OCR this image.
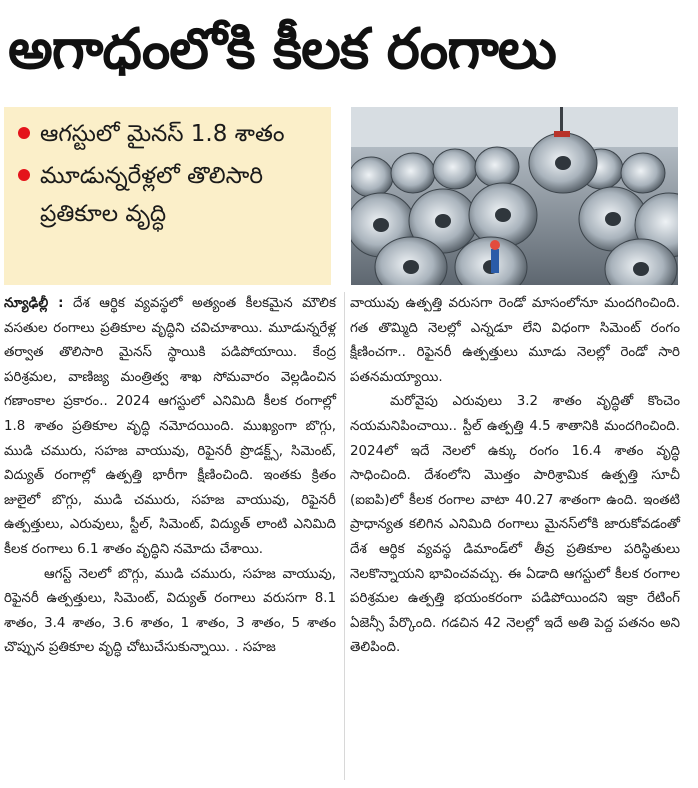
అగాధంలోకి కీలక రంగాలు
ఆగస్టులో మైనస్ 1.8 శాతం
మూడున్నరేళ్లలో తొలిసారి ప్రతికూల వృద్ధి

న్యూఢిల్లీ : దేశ ఆర్థిక వ్యవస్థలో అత్యంత కీలకమైన మౌలిక వసతుల రంగాలు ప్రతికూల వృద్ధిని చవిచూశాయి. మూడున్నరేళ్ల తర్వాత తొలిసారి మైనస్ స్థాయికి పడిపోయాయి. కేంద్ర పరిశ్రమల, వాణిజ్య మంత్రిత్వ శాఖ సోమవారం వెల్లడించిన గణాంకాల ప్రకారం.. 2024 ఆగస్టులో ఎనిమిది కీలక రంగాల్లో 1.8 శాతం ప్రతికూల వృద్ధి నమోదయింది. ముఖ్యంగా బొగ్గు, ముడి చమురు, సహజ వాయువు, రిఫైనరీ ప్రొడక్ట్స్, సిమెంట్, విద్యుత్ రంగాల్లో ఉత్పత్తి భారీగా క్షీణించింది. ఇంతకు క్రితం జులైలో బొగ్గు, ముడి చమురు, సహజ వాయువు, రిఫైనరీ ఉత్పత్తులు, ఎరువులు, స్టీల్, సిమెంట్, విద్యుత్ లాంటి ఎనిమిది కీలక రంగాలు 6.1 శాతం వృద్ధిని నమోదు చేశాయి.

ఆగస్ట్ నెలలో బొగ్గు, ముడి చమురు, సహజ వాయువు, రిఫైనరీ ఉత్పత్తులు, సిమెంట్, విద్యుత్ రంగాలు వరుసగా 8.1 శాతం, 3.4 శాతం, 3.6 శాతం, 1 శాతం, 3 శాతం, 5 శాతం చొప్పున ప్రతికూల వృద్ధి చోటుచేసుకున్నాయి. . సహజ

వాయువు ఉత్పత్తి వరుసగా రెండో మాసంలోనూ మందగించింది. గత తొమ్మిది నెలల్లో ఎన్నడూ లేని విధంగా సిమెంట్ రంగం క్షీణించగా.. రిఫైనరీ ఉత్పత్తులు మూడు నెలల్లో రెండో సారి పతనమయ్యాయి.

మరోవైపు ఎరువులు 3.2 శాతం వృద్ధితో కొంచెం నయమనిపించాయి.. స్టీల్ ఉత్పత్తి 4.5 శాతానికి మందగించింది. 2024లో ఇదే నెలలో ఉక్కు రంగం 16.4 శాతం వృద్ధి సాధించింది. దేశంలోని మొత్తం పారిశ్రామిక ఉత్పత్తి సూచీ (ఐఐపి)లో కీలక రంగాల వాటా 40.27 శాతంగా ఉంది. ఇంతటి ప్రాధాన్యత కలిగిన ఎనిమిది రంగాలు మైనస్‌లోకి జారుకోవడంతో దేశ ఆర్థిక వ్యవస్థ డిమాండ్‌లో తీవ్ర ప్రతికూల పరిస్థితులు నెలకొన్నాయని భావించవచ్చు. ఈ ఏడాది ఆగస్టులో కీలక రంగాల పరిశ్రమల ఉత్పత్తి భయంకరంగా పడిపోయిందని ఇక్రా రేటింగ్ ఏజెన్సీ పేర్కొంది. గడచిన 42 నెలల్లో ఇదే అతి పెద్ద పతనం అని తెలిపింది.
